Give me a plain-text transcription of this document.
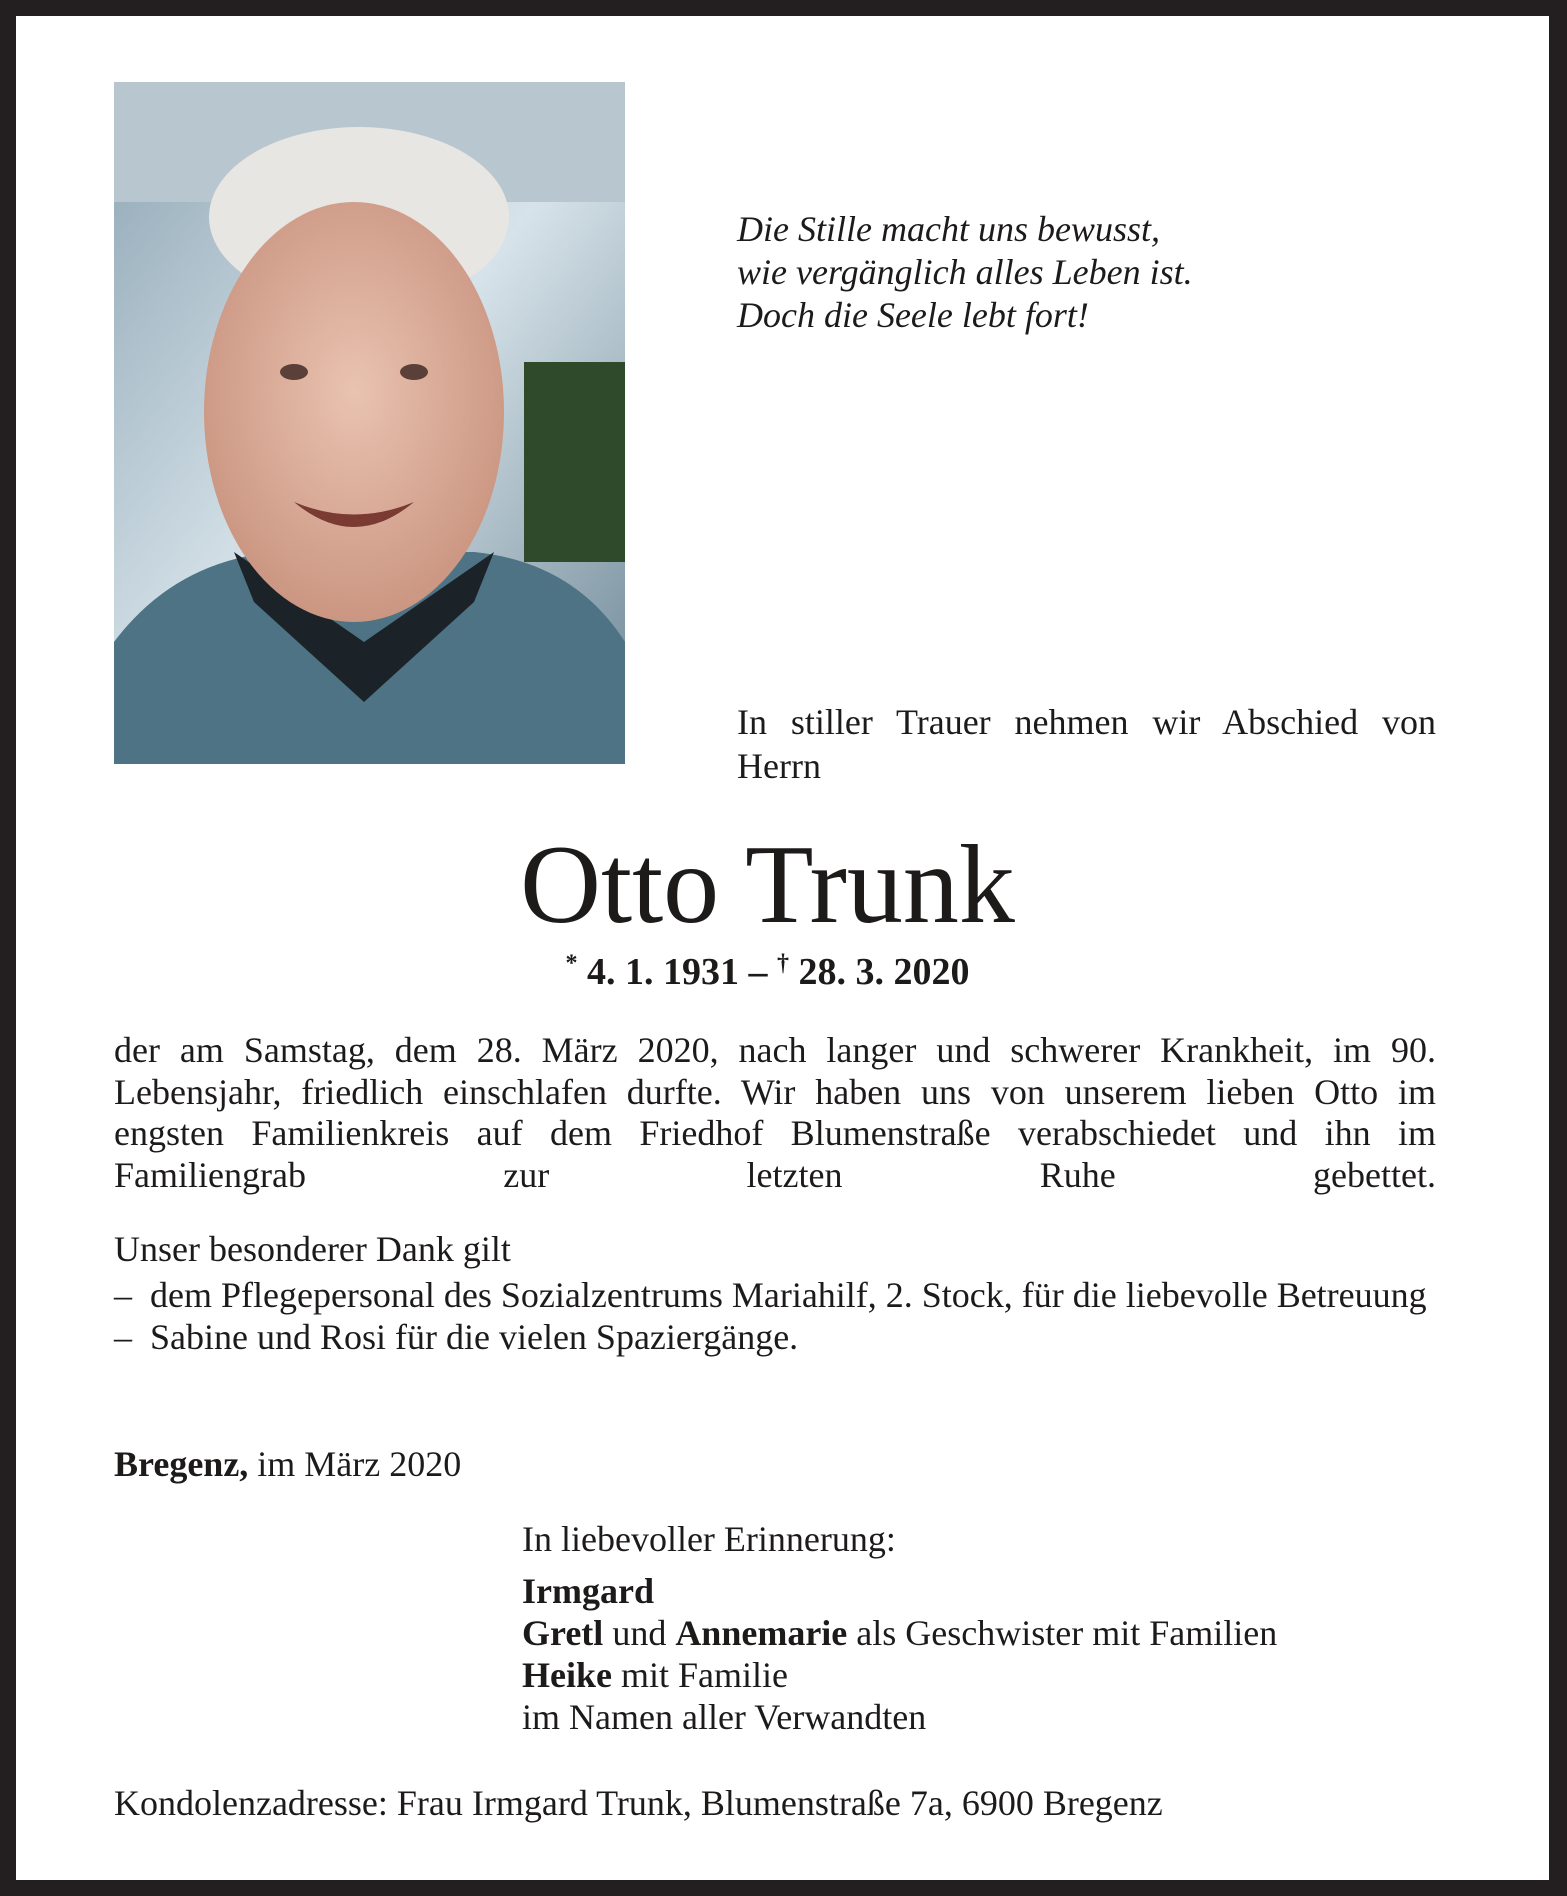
Die Stille macht uns bewusst,
wie vergänglich alles Leben ist.
Doch die Seele lebt fort!
In stiller Trauer nehmen wir Abschied von Herrn
Otto Trunk
* 4. 1. 1931 – † 28. 3. 2020
der am Samstag, dem 28. März 2020, nach langer und schwerer Krankheit, im 90. Lebensjahr, friedlich einschlafen durfte. Wir haben uns von unserem lieben Otto im engsten Familienkreis auf dem Friedhof Blumenstraße verabschiedet und ihn im Familiengrab zur letzten Ruhe gebettet.
Unser besonderer Dank gilt
– dem Pflegepersonal des Sozialzentrums Mariahilf, 2. Stock, für die liebevolle Betreuung
– Sabine und Rosi für die vielen Spaziergänge.
Bregenz, im März 2020
In liebevoller Erinnerung:
Irmgard
Gretl und Annemarie als Geschwister mit Familien
Heike mit Familie
im Namen aller Verwandten
Kondolenzadresse: Frau Irmgard Trunk, Blumenstraße 7a, 6900 Bregenz
